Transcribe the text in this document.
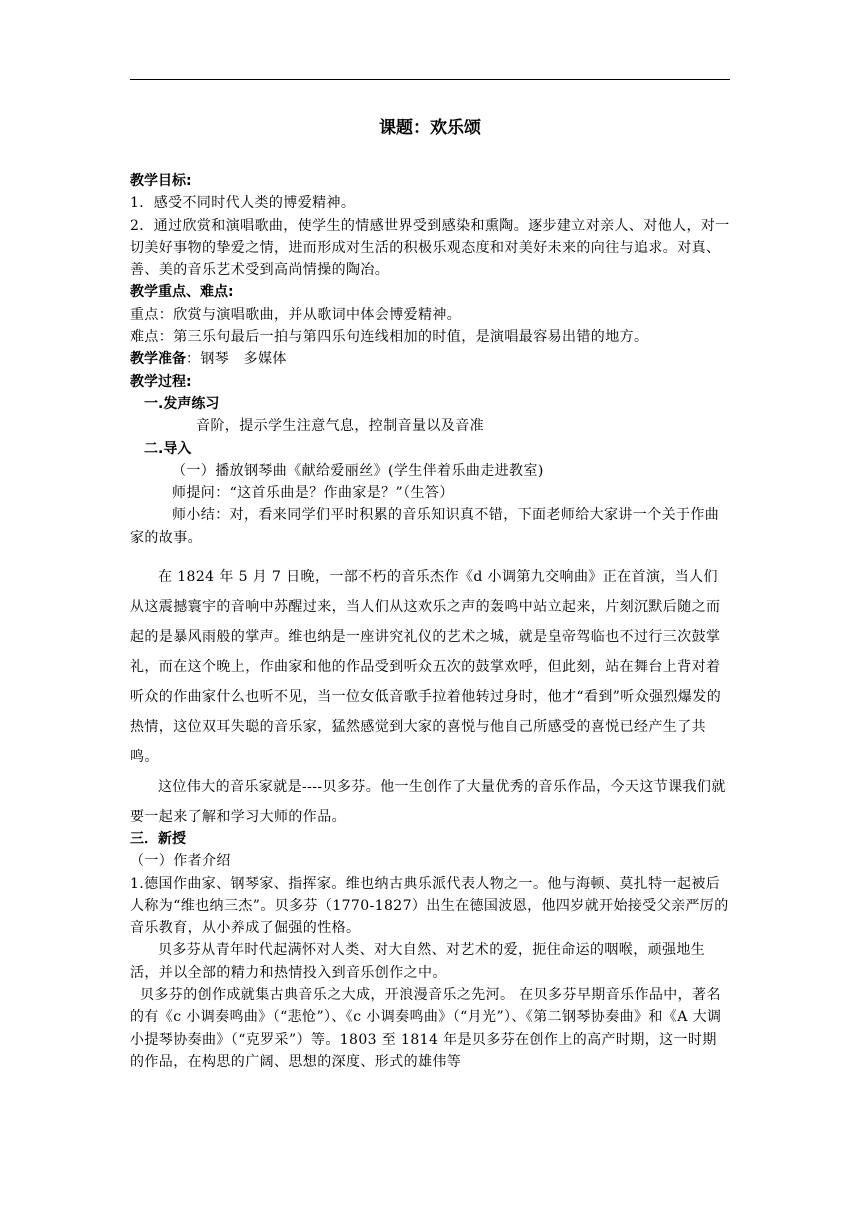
课题：欢乐颂

教学目标:

1．感受不同时代人类的博爱精神。

2．通过欣赏和演唱歌曲，使学生的情感世界受到感染和熏陶。逐步建立对亲人、对他人，对一切美好事物的挚爱之情，进而形成对生活的积极乐观态度和对美好未来的向往与追求。对真、善、美的音乐艺术受到高尚情操的陶冶。

教学重点、难点:

重点：欣赏与演唱歌曲，并从歌词中体会博爱精神。

难点：第三乐句最后一拍与第四乐句连线相加的时值，是演唱最容易出错的地方。

教学准备：钢琴　多媒体

教学过程:

一.发声练习

音阶，提示学生注意气息，控制音量以及音准

二.导入

（一）播放钢琴曲《献给爱丽丝》(学生伴着乐曲走进教室)

师提问：“这首乐曲是？作曲家是？”（生答）

师小结：对，看来同学们平时积累的音乐知识真不错，下面老师给大家讲一个关于作曲家的故事。

在 1824 年 5 月 7 日晚，一部不朽的音乐杰作《d 小调第九交响曲》正在首演，当人们从这震撼寰宇的音响中苏醒过来，当人们从这欢乐之声的轰鸣中站立起来，片刻沉默后随之而起的是暴风雨般的掌声。维也纳是一座讲究礼仪的艺术之城，就是皇帝驾临也不过行三次鼓掌礼，而在这个晚上，作曲家和他的作品受到听众五次的鼓掌欢呼，但此刻，站在舞台上背对着听众的作曲家什么也听不见，当一位女低音歌手拉着他转过身时，他才“看到”听众强烈爆发的热情，这位双耳失聪的音乐家，猛然感觉到大家的喜悦与他自己所感受的喜悦已经产生了共鸣。

这位伟大的音乐家就是----贝多芬。他一生创作了大量优秀的音乐作品，今天这节课我们就要一起来了解和学习大师的作品。

三．新授

（一）作者介绍

1.德国作曲家、钢琴家、指挥家。维也纳古典乐派代表人物之一。他与海顿、莫扎特一起被后人称为“维也纳三杰”。贝多芬（1770-1827）出生在德国波恩，他四岁就开始接受父亲严厉的音乐教育，从小养成了倔强的性格。

贝多芬从青年时代起满怀对人类、对大自然、对艺术的爱，扼住命运的咽喉，顽强地生活，并以全部的精力和热情投入到音乐创作之中。

贝多芬的创作成就集古典音乐之大成，开浪漫音乐之先河。 在贝多芬早期音乐作品中，著名的有《c 小调奏鸣曲》（“悲怆”）、《c 小调奏鸣曲》（“月光”）、《第二钢琴协奏曲》和《A 大调小提琴协奏曲》（“克罗采”）等。1803 至 1814 年是贝多芬在创作上的高产时期，这一时期的作品，在构思的广阔、思想的深度、形式的雄伟等
